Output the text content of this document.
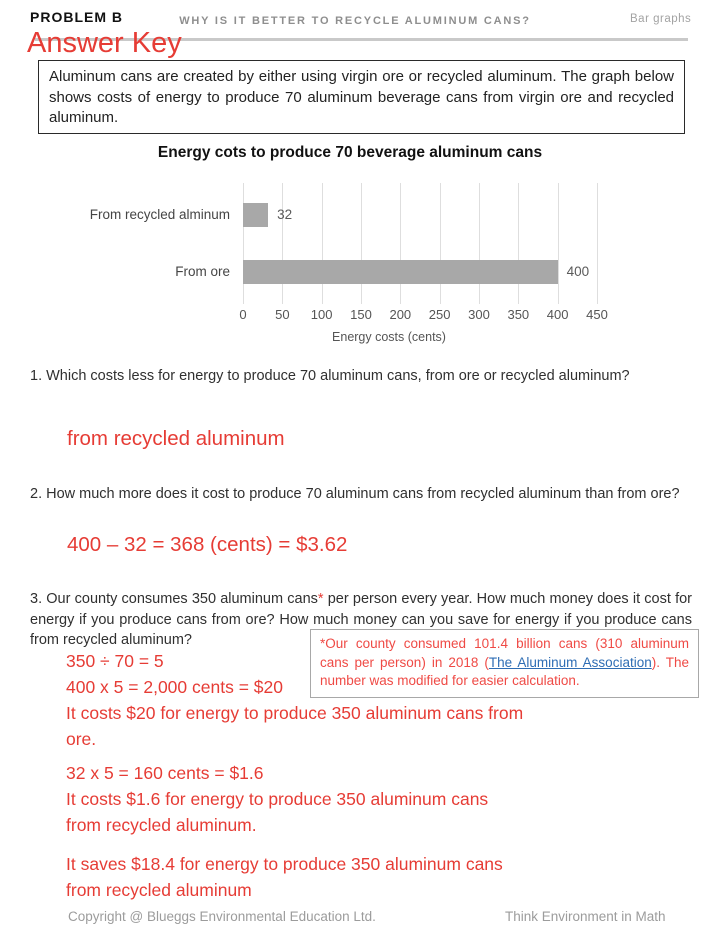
PROBLEM B	WHY IS IT BETTER TO RECYCLE ALUMINUM CANS?	Bar graphs
Answer Key
Aluminum cans are created by either using virgin ore or recycled aluminum. The graph below shows costs of energy to produce 70 aluminum beverage cans from virgin ore and recycled aluminum.
Energy cots to produce 70 beverage aluminum cans
From recycled alminum	32
From ore	400
0 50 100 150 200 250 300 350 400 450
Energy costs (cents)
1. Which costs less for energy to produce 70 aluminum cans, from ore or recycled aluminum?
from recycled aluminum
2. How much more does it cost to produce 70 aluminum cans from recycled aluminum than from ore?
400 – 32 = 368 (cents) = $3.62
3. Our county consumes 350 aluminum cans* per person every year. How much money does it cost for energy if you produce cans from ore? How much money can you save for energy if you produce cans from recycled aluminum?	*Our county consumed 101.4 billion cans (310 aluminum cans per person) in 2018 (The Aluminum Association). The number was modified for easier calculation.
350 ÷ 70 = 5
400 x 5 = 2,000 cents = $20
It costs $20 for energy to produce 350 aluminum cans from
ore.
32 x 5 = 160 cents = $1.6
It costs $1.6 for energy to produce 350 aluminum cans
from recycled aluminum.
It saves $18.4 for energy to produce 350 aluminum cans
from recycled aluminum
Copyright @ Blueggs Environmental Education Ltd.	Think Environment in Math
